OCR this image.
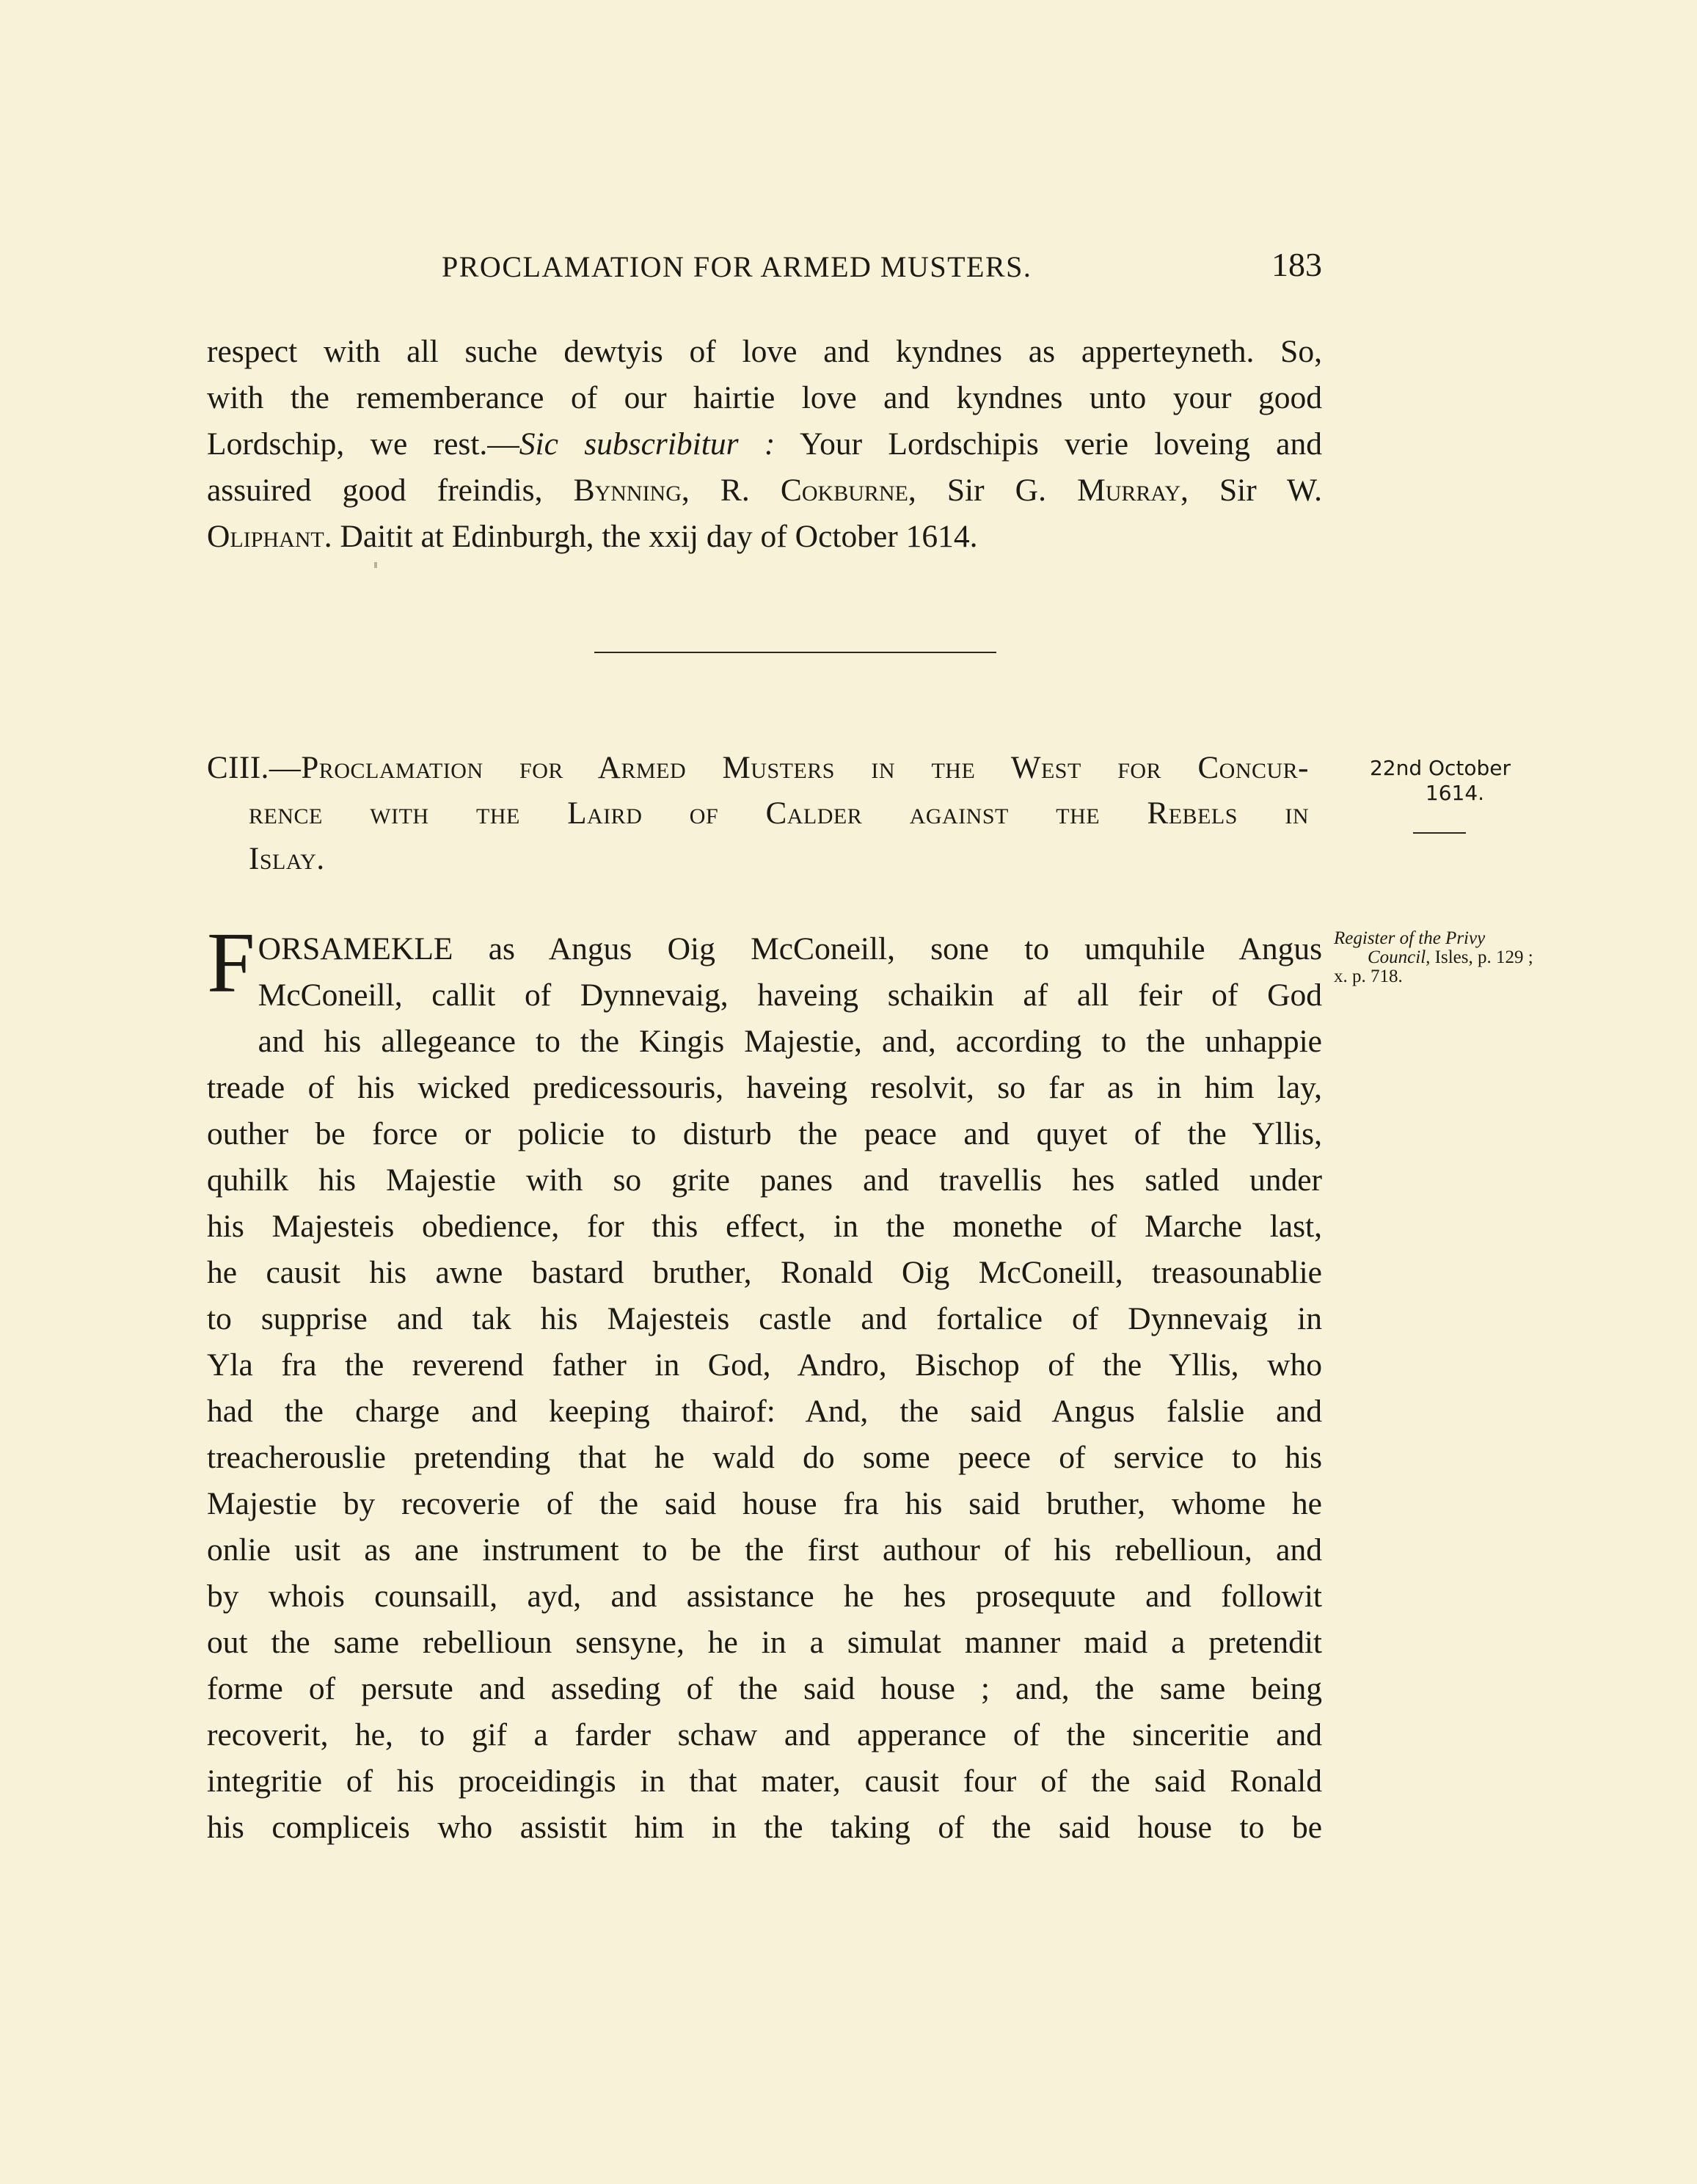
PROCLAMATION FOR ARMED MUSTERS.	183
respect with all suche dewtyis of love and kyndnes as apperteyneth. So,
with the rememberance of our hairtie love and kyndnes unto your good
Lordschip, we rest.—Sic subscribitur : Your Lordschipis verie loveing and
assuired good freindis, Bynning, R. Cokburne, Sir G. Murray, Sir W.
Oliphant. Daitit at Edinburgh, the xxij day of October 1614.
CIII.—Proclamation for Armed Musters in the West for Concur-
rence with the Laird of Calder against the Rebels in
Islay.
22nd October
1614.
Register of the Privy
Council, Isles, p. 129 ;
x. p. 718.
F ORSAMEKLE as Angus Oig McConeill, sone to umquhile Angus
McConeill, callit of Dynnevaig, haveing schaikin af all feir of God
and his allegeance to the Kingis Majestie, and, according to the unhappie
treade of his wicked predicessouris, haveing resolvit, so far as in him lay,
outher be force or policie to disturb the peace and quyet of the Yllis,
quhilk his Majestie with so grite panes and travellis hes satled under
his Majesteis obedience, for this effect, in the monethe of Marche last,
he causit his awne bastard bruther, Ronald Oig McConeill, treasounablie
to supprise and tak his Majesteis castle and fortalice of Dynnevaig in
Yla fra the reverend father in God, Andro, Bischop of the Yllis, who
had the charge and keeping thairof: And, the said Angus falslie and
treacherouslie pretending that he wald do some peece of service to his
Majestie by recoverie of the said house fra his said bruther, whome he
onlie usit as ane instrument to be the first authour of his rebellioun, and
by whois counsaill, ayd, and assistance he hes prosequute and followit
out the same rebellioun sensyne, he in a simulat manner maid a pretendit
forme of persute and asseding of the said house ; and, the same being
recoverit, he, to gif a farder schaw and apperance of the sinceritie and
integritie of his proceidingis in that mater, causit four of the said Ronald
his compliceis who assistit him in the taking of the said house to be
